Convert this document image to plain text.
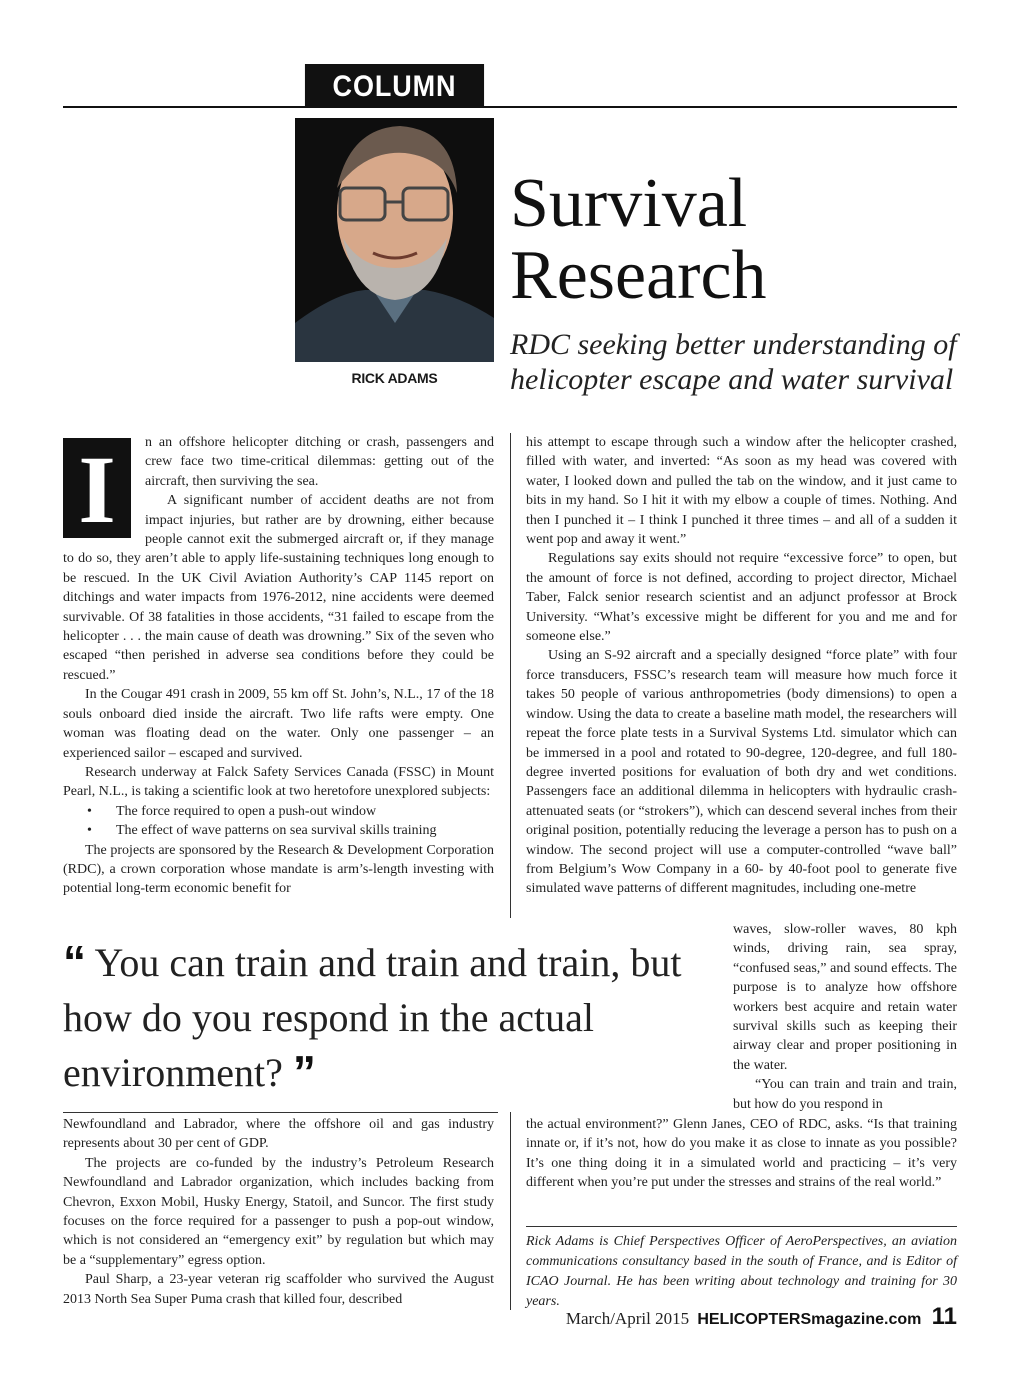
COLUMN
RICK ADAMS
Survival
Research
RDC seeking better understanding of
helicopter escape and water survival
I	n an offshore helicopter ditching or crash, passengers and crew face two time-critical dilemmas: getting out of the aircraft, then surviving the sea.

A significant number of accident deaths are not from impact injuries, but rather are by drowning, either because people cannot exit the submerged aircraft or, if they manage to do so, they aren’t able to apply life-sustaining techniques long enough to be rescued. In the UK Civil Aviation Authority’s CAP 1145 report on ditchings and water impacts from 1976-2012, nine accidents were deemed survivable. Of 38 fatalities in those accidents, “31 failed to escape from the helicopter . . . the main cause of death was drowning.” Six of the seven who escaped “then perished in adverse sea conditions before they could be rescued.”

In the Cougar 491 crash in 2009, 55 km off St. John’s, N.L., 17 of the 18 souls onboard died inside the aircraft. Two life rafts were empty. One woman was floating dead on the water. Only one passenger – an experienced sailor – escaped and survived.

Research underway at Falck Safety Services Canada (FSSC) in Mount Pearl, N.L., is taking a scientific look at two heretofore unexplored subjects:

• The force required to open a push-out window
• The effect of wave patterns on sea survival skills training

The projects are sponsored by the Research & Development Corporation (RDC), a crown corporation whose mandate is arm’s-length investing with potential long-term economic benefit for

his attempt to escape through such a window after the helicopter crashed, filled with water, and inverted: “As soon as my head was covered with water, I looked down and pulled the tab on the window, and it just came to bits in my hand. So I hit it with my elbow a couple of times. Nothing. And then I punched it – I think I punched it three times – and all of a sudden it went pop and away it went.”

Regulations say exits should not require “excessive force” to open, but the amount of force is not defined, according to project director, Michael Taber, Falck senior research scientist and an adjunct professor at Brock University. “What’s excessive might be different for you and me and for someone else.”

Using an S-92 aircraft and a specially designed “force plate” with four force transducers, FSSC’s research team will measure how much force it takes 50 people of various anthropometries (body dimensions) to open a window. Using the data to create a baseline math model, the researchers will repeat the force plate tests in a Survival Systems Ltd. simulator which can be immersed in a pool and rotated to 90-degree, 120-degree, and full 180-degree inverted positions for evaluation of both dry and wet conditions. Passengers face an additional dilemma in helicopters with hydraulic crash-attenuated seats (or “strokers”), which can descend several inches from their original position, potentially reducing the leverage a person has to push on a window. The second project will use a computer-controlled “wave ball” from Belgium’s Wow Company in a 60- by 40-foot pool to generate five simulated wave patterns of different magnitudes, including one-metre

“ You can train and train and train, but how do you respond in the actual environment? ”

waves, slow-roller waves, 80 kph winds, driving rain, sea spray, “confused seas,” and sound effects. The purpose is to analyze how offshore workers best acquire and retain water survival skills such as keeping their airway clear and proper positioning in the water.

“You can train and train and train, but how do you respond in

Newfoundland and Labrador, where the offshore oil and gas industry represents about 30 per cent of GDP.

The projects are co-funded by the industry’s Petroleum Research Newfoundland and Labrador organization, which includes backing from Chevron, Exxon Mobil, Husky Energy, Statoil, and Suncor. The first study focuses on the force required for a passenger to push a pop-out window, which is not considered an “emergency exit” by regulation but which may be a “supplementary” egress option.

Paul Sharp, a 23-year veteran rig scaffolder who survived the August 2013 North Sea Super Puma crash that killed four, described

the actual environment?” Glenn Janes, CEO of RDC, asks. “Is that training innate or, if it’s not, how do you make it as close to innate as you possible? It’s one thing doing it in a simulated world and practicing – it’s very different when you’re put under the stresses and strains of the real world.”

Rick Adams is Chief Perspectives Officer of AeroPerspectives, an aviation communications consultancy based in the south of France, and is Editor of ICAO Journal. He has been writing about technology and training for 30 years.
March/April 2015 HELICOPTERSmagazine.com 11
